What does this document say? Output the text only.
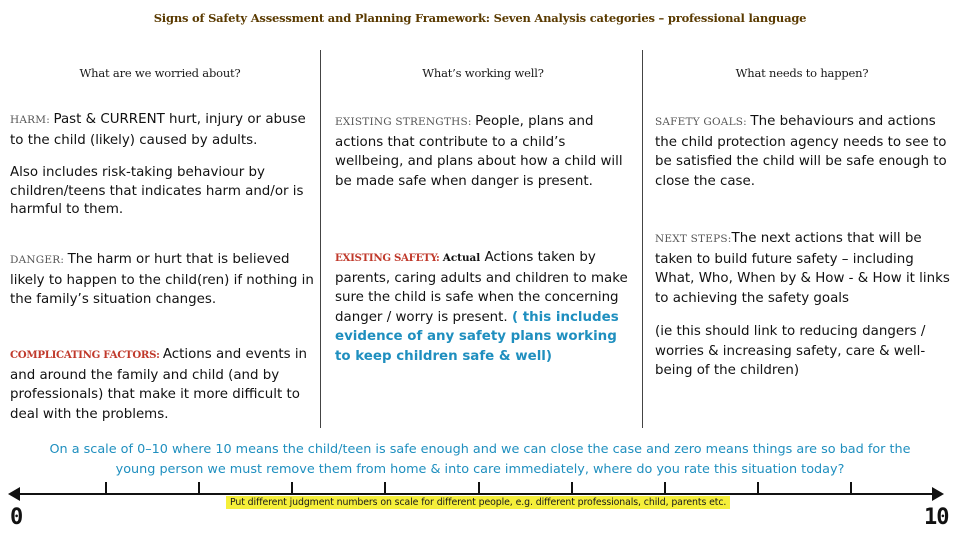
Signs of Safety Assessment and Planning Framework: Seven Analysis categories – professional language
What are we worried about?	What’s working well?	What needs to happen?
HARM: Past & CURRENT hurt, injury or abuse to the child (likely) caused by adults.
Also includes risk-taking behaviour by children/teens that indicates harm and/or is harmful to them.
DANGER: The harm or hurt that is believed likely to happen to the child(ren) if nothing in the family’s situation changes.
COMPLICATING FACTORS: Actions and events in and around the family and child (and by professionals) that make it more difficult to deal with the problems.
EXISTING STRENGTHS: People, plans and actions that contribute to a child’s wellbeing, and plans about how a child will be made safe when danger is present.
EXISTING SAFETY: Actual Actions taken by parents, caring adults and children to make sure the child is safe when the concerning danger / worry is present. ( this includes evidence of any safety plans working to keep children safe & well)
SAFETY GOALS: The behaviours and actions the child protection agency needs to see to be satisfied the child will be safe enough to close the case.
NEXT STEPS:The next actions that will be taken to build future safety – including What, Who, When by & How - & How it links to achieving the safety goals
(ie this should link to reducing dangers / worries & increasing safety, care & well-being of the children)
On a scale of 0–10 where 10 means the child/teen is safe enough and we can close the case and zero means things are so bad for the young person we must remove them from home & into care immediately, where do you rate this situation today?
0	10
Put different judgment numbers on scale for different people, e.g. different professionals, child, parents etc.
